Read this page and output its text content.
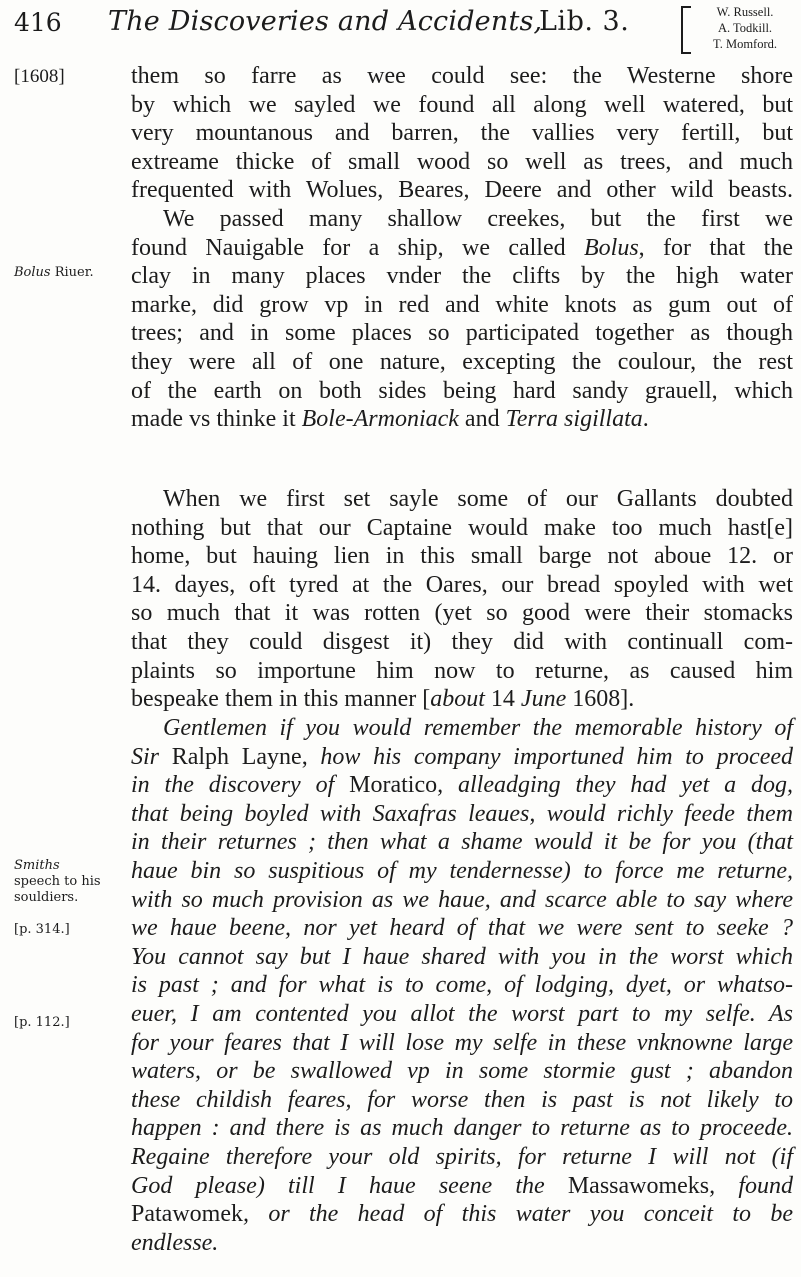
416 The Discoveries and Accidents,
Lib. 3.	W. Russell.
A. Todkill.
T. Momford.
[1608]
Bolus Riuer.
Smiths
speech to his
souldiers.
[p. 314.]
[p. 112.]
them so farre as wee could see: the Westerne shore
by which we sayled we found all along well watered, but
very mountanous and barren, the vallies very fertill, but
extreame thicke of small wood so well as trees, and much
frequented with Wolues, Beares, Deere and other wild beasts.
We passed many shallow creekes, but the first we
found Nauigable for a ship, we called Bolus, for that the
clay in many places vnder the clifts by the high water
marke, did grow vp in red and white knots as gum out of
trees; and in some places so participated together as though
they were all of one nature, excepting the coulour, the rest
of the earth on both sides being hard sandy grauell, which
made vs thinke it Bole-Armoniack and Terra sigillata.
When we first set sayle some of our Gallants doubted
nothing but that our Captaine would make too much hast[e]
home, but hauing lien in this small barge not aboue 12. or
14. dayes, oft tyred at the Oares, our bread spoyled with wet
so much that it was rotten (yet so good were their stomacks
that they could disgest it) they did with continuall com-
plaints so importune him now to returne, as caused him
bespeake them in this manner [about 14 June 1608].
Gentlemen if you would remember the memorable history of
Sir Ralph Layne, how his company importuned him to proceed
in the discovery of Moratico, alleadging they had yet a dog,
that being boyled with Saxafras leaues, would richly feede them
in their returnes ; then what a shame would it be for you (that
haue bin so suspitious of my tendernesse) to force me returne,
with so much provision as we haue, and scarce able to say where
we haue beene, nor yet heard of that we were sent to seeke ?
You cannot say but I haue shared with you in the worst which
is past ; and for what is to come, of lodging, dyet, or whatso-
euer, I am contented you allot the worst part to my selfe. As
for your feares that I will lose my selfe in these vnknowne large
waters, or be swallowed vp in some stormie gust ; abandon
these childish feares, for worse then is past is not likely to
happen : and there is as much danger to returne as to proceede.
Regaine therefore your old spirits, for returne I will not (if
God please) till I haue seene the Massawomeks, found
Patawomek, or the head of this water you conceit to be
endlesse.
